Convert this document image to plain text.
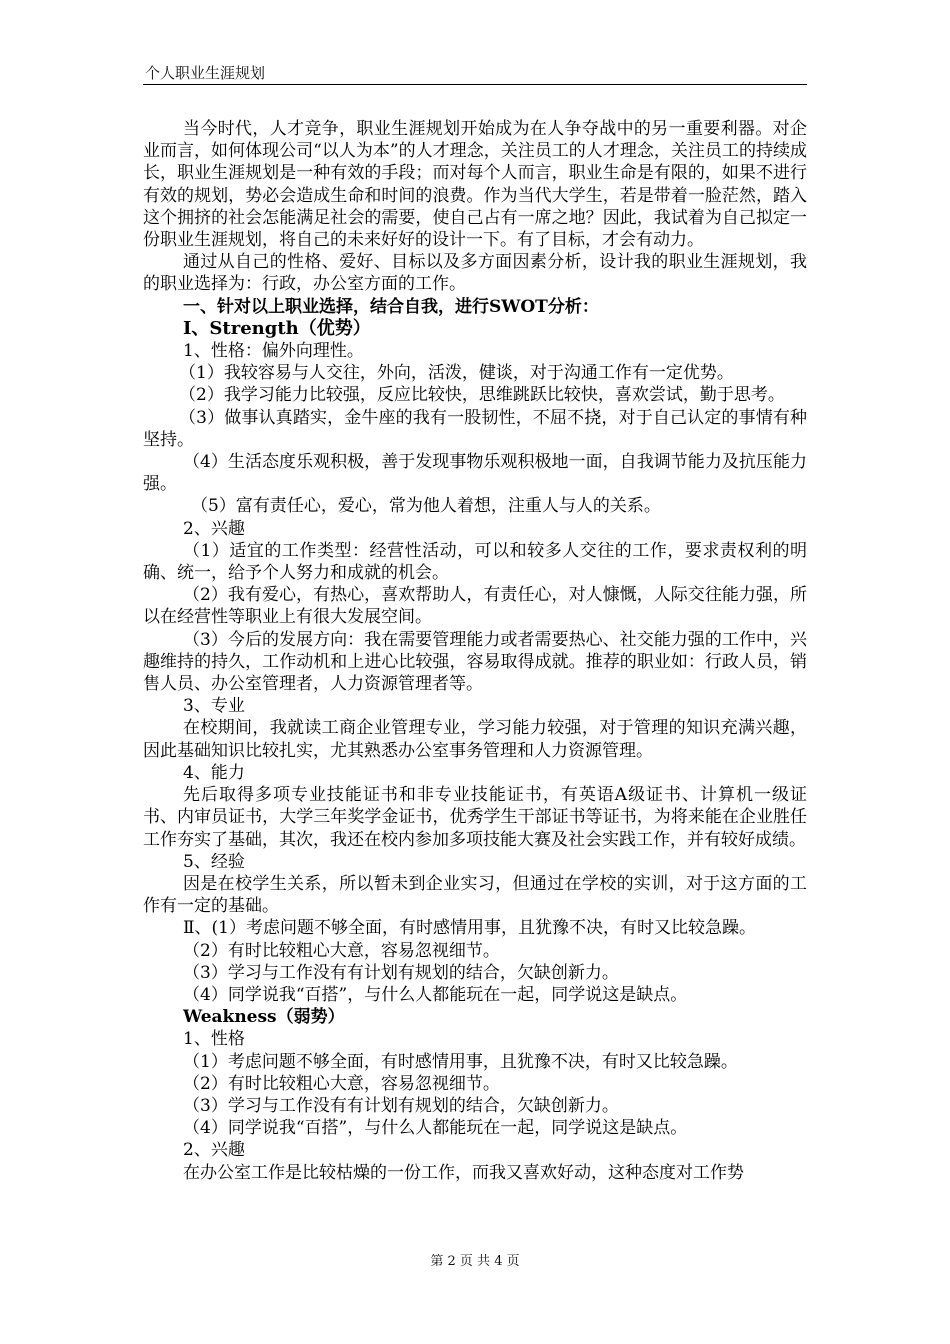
个人职业生涯规划

当今时代，人才竞争，职业生涯规划开始成为在人争夺战中的另一重要利器。对企业而言，如何体现公司“以人为本”的人才理念，关注员工的人才理念，关注员工的持续成长，职业生涯规划是一种有效的手段；而对每个人而言，职业生命是有限的，如果不进行有效的规划，势必会造成生命和时间的浪费。作为当代大学生，若是带着一脸茫然，踏入这个拥挤的社会怎能满足社会的需要，使自己占有一席之地？因此，我试着为自己拟定一份职业生涯规划，将自己的未来好好的设计一下。有了目标，才会有动力。

通过从自己的性格、爱好、目标以及多方面因素分析，设计我的职业生涯规划，我的职业选择为：行政，办公室方面的工作。

一、针对以上职业选择，结合自我，进行SWOT分析：

Ⅰ、Strength（优势）

1、性格：偏外向理性。

（1）我较容易与人交往，外向，活泼，健谈，对于沟通工作有一定优势。

（2）我学习能力比较强，反应比较快，思维跳跃比较快，喜欢尝试，勤于思考。

（3）做事认真踏实，金牛座的我有一股韧性，不屈不挠，对于自己认定的事情有种坚持。

（4）生活态度乐观积极，善于发现事物乐观积极地一面，自我调节能力及抗压能力强。

（5）富有责任心，爱心，常为他人着想，注重人与人的关系。

2、兴趣

（1）适宜的工作类型：经营性活动，可以和较多人交往的工作，要求责权利的明确、统一，给予个人努力和成就的机会。

（2）我有爱心，有热心，喜欢帮助人，有责任心，对人慷慨，人际交往能力强，所以在经营性等职业上有很大发展空间。

（3）今后的发展方向：我在需要管理能力或者需要热心、社交能力强的工作中，兴趣维持的持久，工作动机和上进心比较强，容易取得成就。推荐的职业如：行政人员，销售人员、办公室管理者，人力资源管理者等。

3、专业

在校期间，我就读工商企业管理专业，学习能力较强，对于管理的知识充满兴趣，因此基础知识比较扎实，尤其熟悉办公室事务管理和人力资源管理。

4、能力

先后取得多项专业技能证书和非专业技能证书，有英语A级证书、计算机一级证书、内审员证书，大学三年奖学金证书，优秀学生干部证书等证书，为将来能在企业胜任工作夯实了基础，其次，我还在校内参加多项技能大赛及社会实践工作，并有较好成绩。

5、经验

因是在校学生关系，所以暂未到企业实习，但通过在学校的实训，对于这方面的工作有一定的基础。

Ⅱ、(1）考虑问题不够全面，有时感情用事，且犹豫不决，有时又比较急躁。

（2）有时比较粗心大意，容易忽视细节。

（3）学习与工作没有有计划有规划的结合，欠缺创新力。

（4）同学说我“百搭”，与什么人都能玩在一起，同学说这是缺点。

Weakness（弱势）

1、性格

（1）考虑问题不够全面，有时感情用事，且犹豫不决，有时又比较急躁。

（2）有时比较粗心大意，容易忽视细节。

（3）学习与工作没有有计划有规划的结合，欠缺创新力。

（4）同学说我“百搭”，与什么人都能玩在一起，同学说这是缺点。

2、兴趣

在办公室工作是比较枯燥的一份工作，而我又喜欢好动，这种态度对工作势

第 2 页 共 4 页
